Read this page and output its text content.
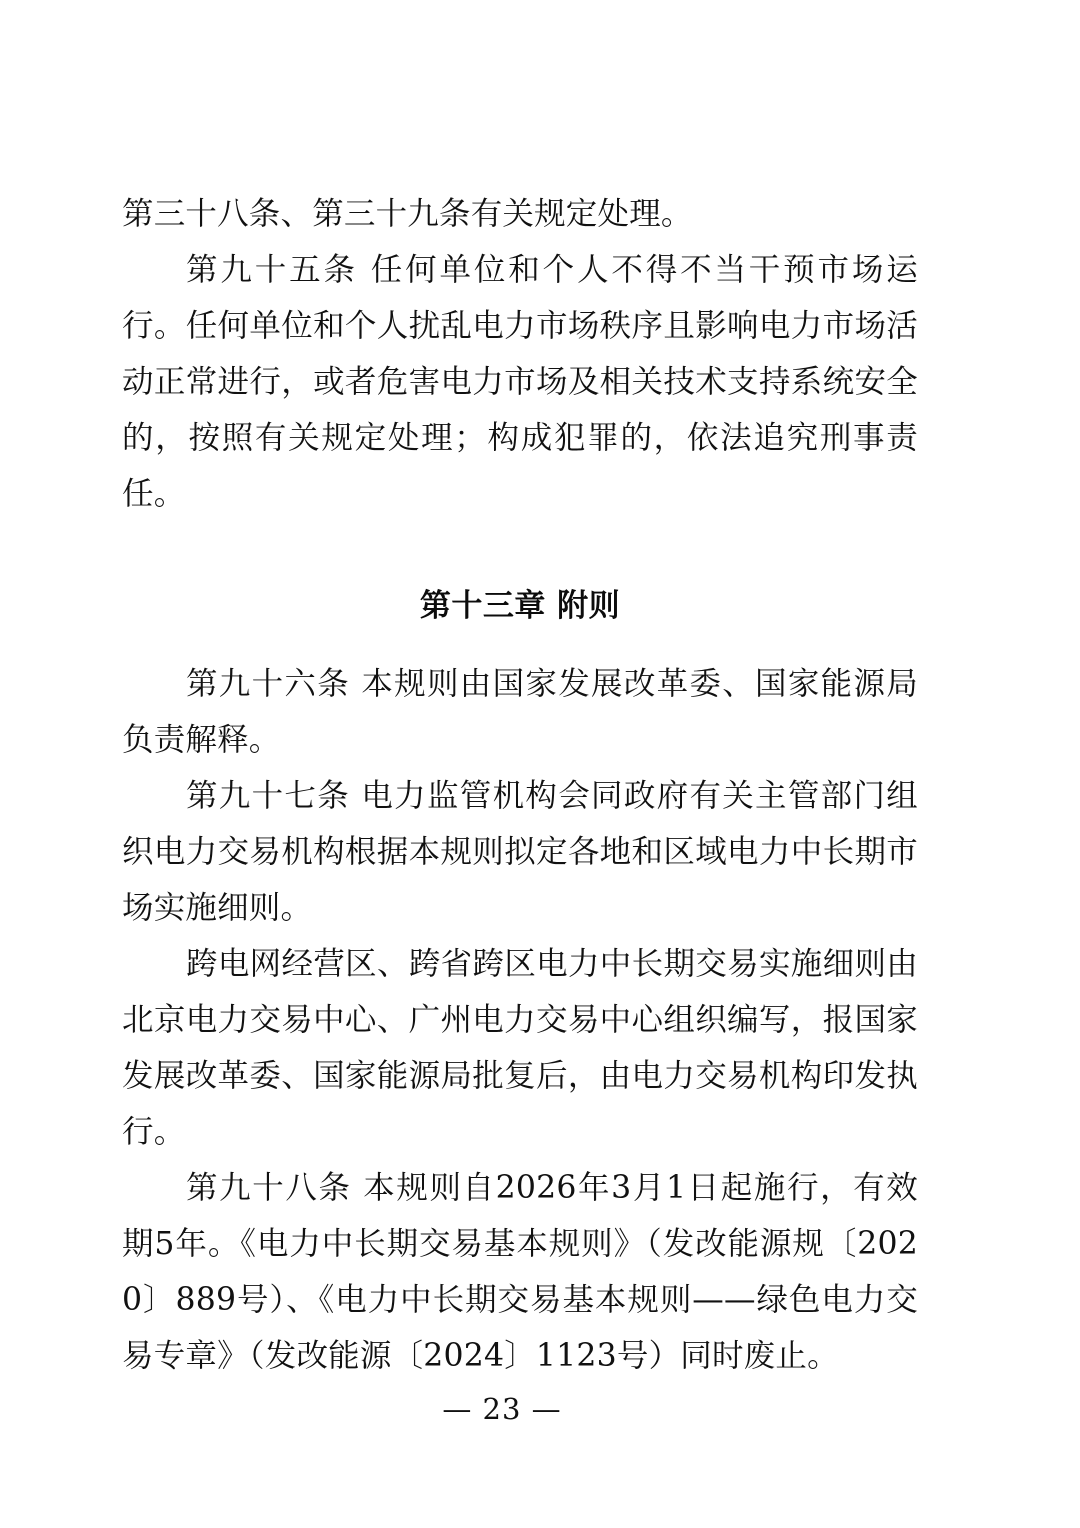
第三十八条、第三十九条有关规定处理。

第九十五条 任何单位和个人不得不当干预市场运行。任何单位和个人扰乱电力市场秩序且影响电力市场活动正常进行，或者危害电力市场及相关技术支持系统安全的，按照有关规定处理；构成犯罪的，依法追究刑事责任。

第十三章 附则

第九十六条 本规则由国家发展改革委、国家能源局负责解释。

第九十七条 电力监管机构会同政府有关主管部门组织电力交易机构根据本规则拟定各地和区域电力中长期市场实施细则。

跨电网经营区、跨省跨区电力中长期交易实施细则由北京电力交易中心、广州电力交易中心组织编写，报国家发展改革委、国家能源局批复后，由电力交易机构印发执行。

第九十八条 本规则自2026年3月1日起施行，有效期5年。《电力中长期交易基本规则》（发改能源规〔2020〕889号）、《电力中长期交易基本规则——绿色电力交易专章》（发改能源〔2024〕1123号）同时废止。

— 23 —
